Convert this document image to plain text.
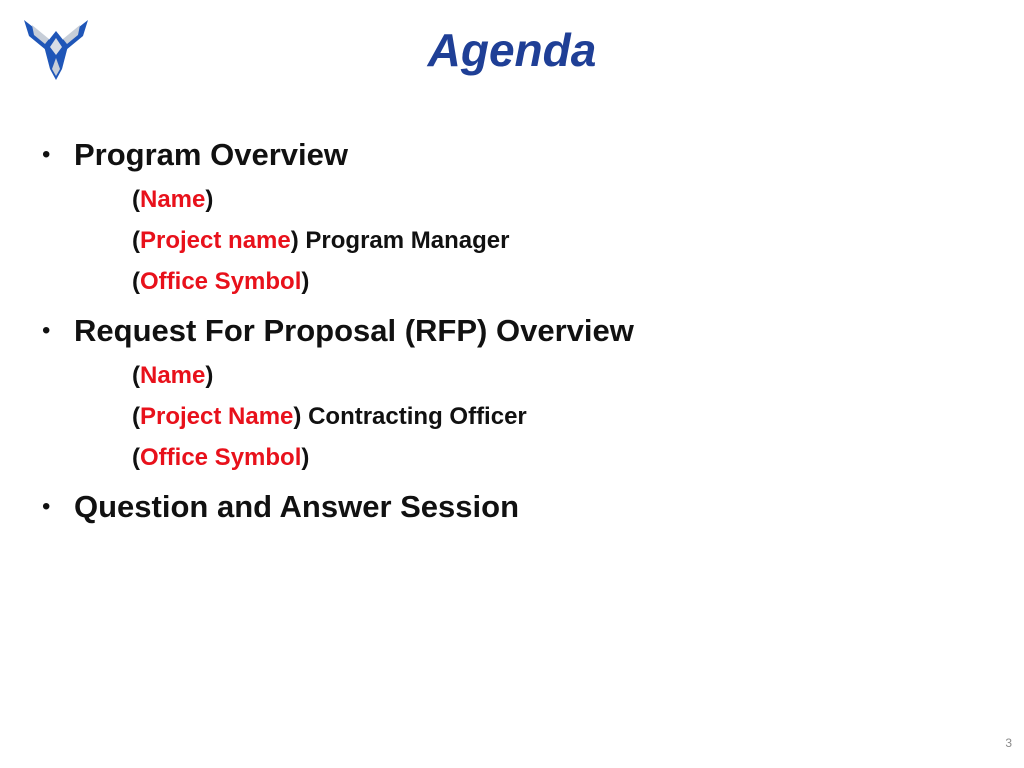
Agenda
• Program Overview
(Name)
(Project name) Program Manager
(Office Symbol)
• Request For Proposal (RFP) Overview
(Name)
(Project Name) Contracting Officer
(Office Symbol)
• Question and Answer Session
3
